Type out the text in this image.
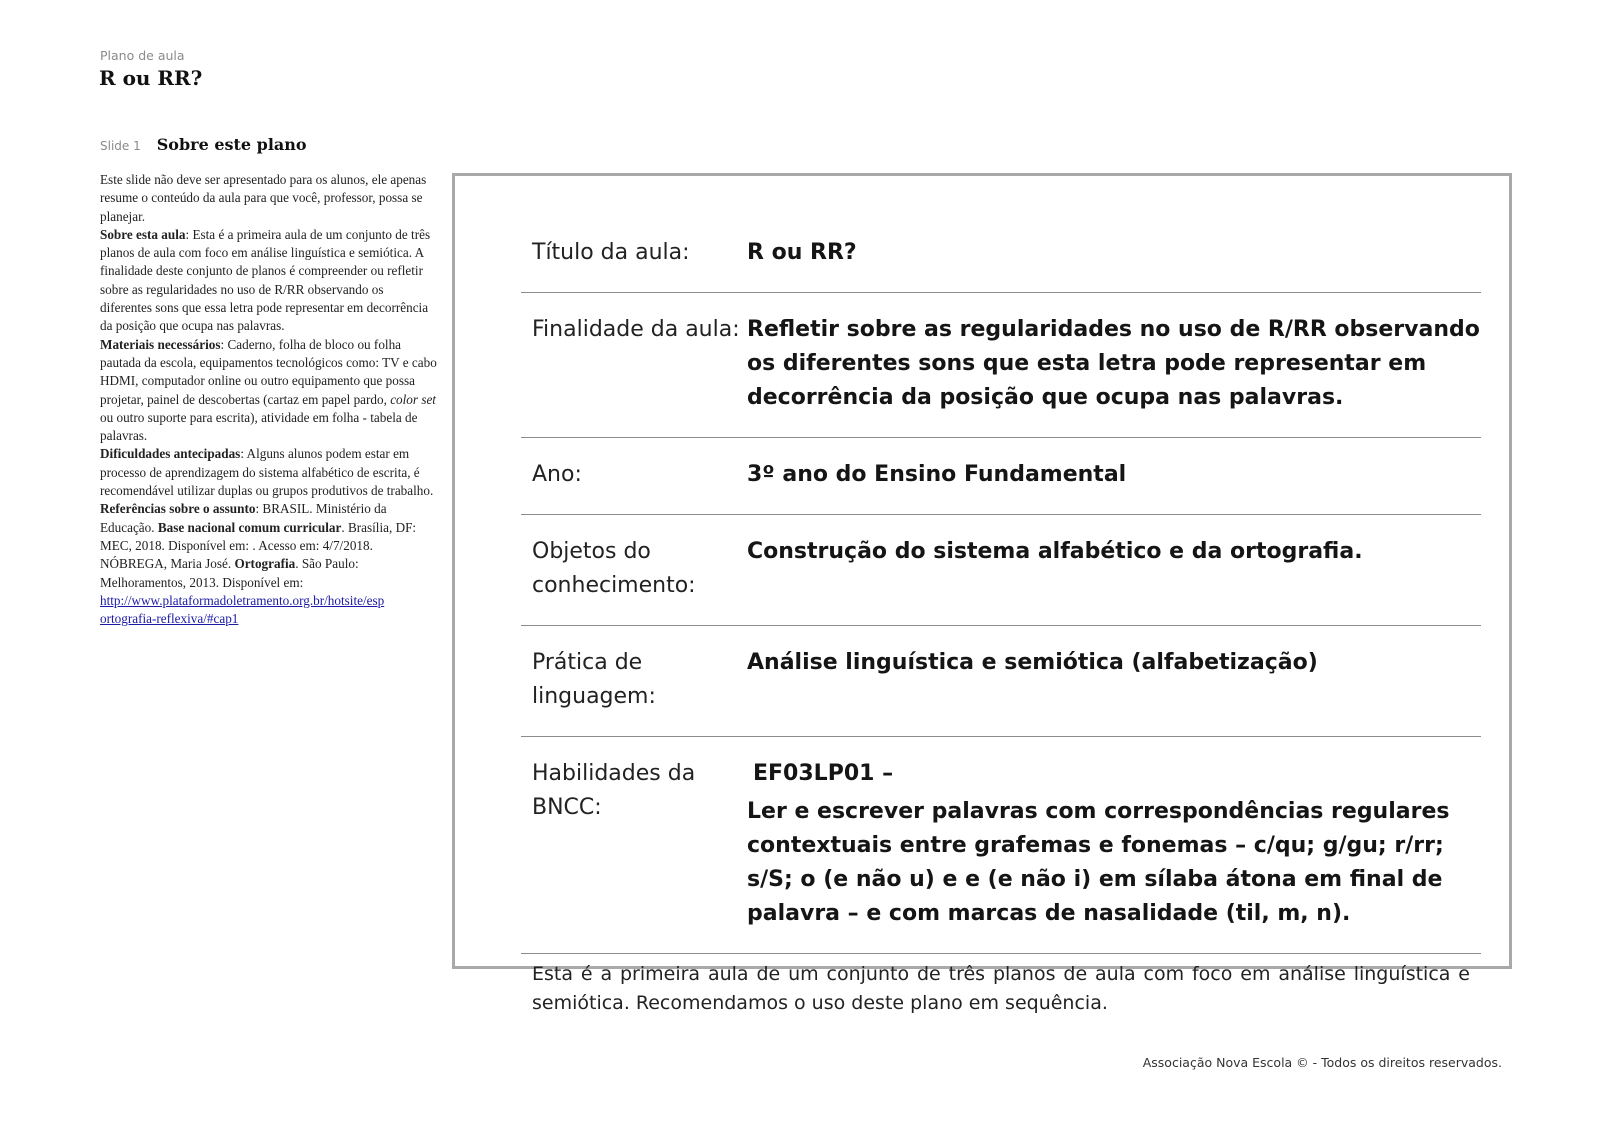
Plano de aula
R ou RR?
Slide 1 Sobre este plano

Este slide não deve ser apresentado para os alunos, ele apenas resume o conteúdo da aula para que você, professor, possa se planejar.

Sobre esta aula: Esta é a primeira aula de um conjunto de três planos de aula com foco em análise linguística e semiótica. A finalidade deste conjunto de planos é compreender ou refletir sobre as regularidades no uso de R/RR observando os diferentes sons que essa letra pode representar em decorrência da posição que ocupa nas palavras.

Materiais necessários: Caderno, folha de bloco ou folha pautada da escola, equipamentos tecnológicos como: TV e cabo HDMI, computador online ou outro equipamento que possa projetar, painel de descobertas (cartaz em papel pardo, color set ou outro suporte para escrita), atividade em folha - tabela de palavras.

Dificuldades antecipadas: Alguns alunos podem estar em processo de aprendizagem do sistema alfabético de escrita, é recomendável utilizar duplas ou grupos produtivos de trabalho.

Referências sobre o assunto: BRASIL. Ministério da Educação. Base nacional comum curricular. Brasília, DF: MEC, 2018. Disponível em: . Acesso em: 4/7/2018.

NÓBREGA, Maria José. Ortografia. São Paulo: Melhoramentos, 2013. Disponível em:

http://www.plataformadoletramento.org.br/hotsite/esp
ortografia-reflexiva/#cap1
Título da aula:	R ou RR?
Finalidade da aula: Refletir sobre as regularidades no uso de R/RR observando os diferentes sons que esta letra pode representar em decorrência da posição que ocupa nas palavras.
Ano:	3º ano do Ensino Fundamental
Objetos do conhecimento:
Construção do sistema alfabético e da ortografia.
Prática de linguagem:
Análise linguística e semiótica (alfabetização)
Habilidades da BNCC:
EF03LP01 –
Ler e escrever palavras com correspondências regulares contextuais entre grafemas e fonemas – c/qu; g/gu; r/rr; s/S; o (e não u) e e (e não i) em sílaba átona em final de palavra – e com marcas de nasalidade (til, m, n).
Esta é a primeira aula de um conjunto de três planos de aula com foco em análise linguística e semiótica. Recomendamos o uso deste plano em sequência.
Associação Nova Escola © - Todos os direitos reservados.
